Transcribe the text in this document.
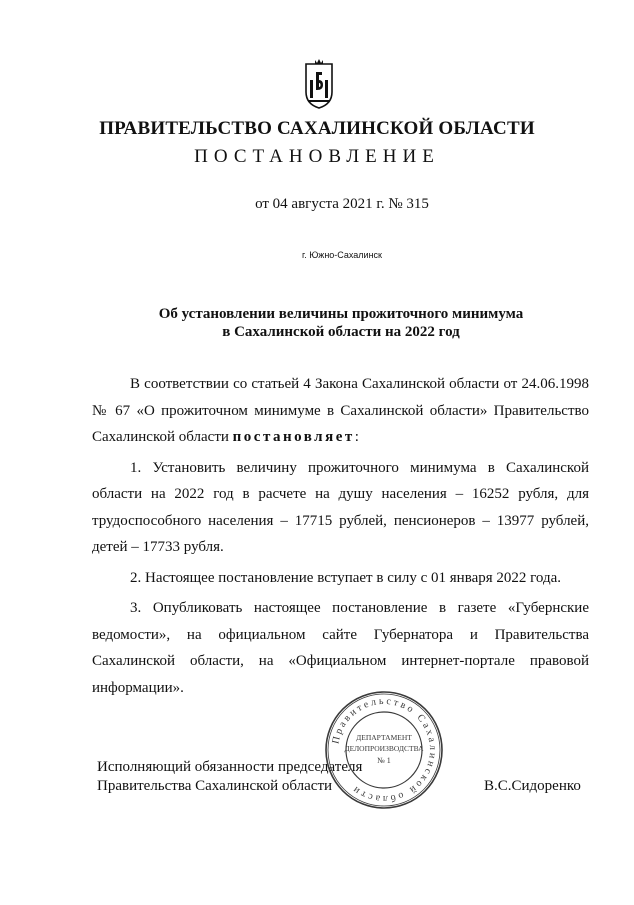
ПРАВИТЕЛЬСТВО САХАЛИНСКОЙ ОБЛАСТИ
ПОСТАНОВЛЕНИЕ
от 04 августа 2021 г. № 315
г. Южно-Сахалинск
Об установлении величины прожиточного минимума
в Сахалинской области на 2022 год

В соответствии со статьей 4 Закона Сахалинской области от 24.06.1998 № 67 «О прожиточном минимуме в Сахалинской области» Правительство Сахалинской области постановляет:

1. Установить величину прожиточного минимума в Сахалинской области на 2022 год в расчете на душу населения – 16252 рубля, для трудоспособного населения – 17715 рублей, пенсионеров – 13977 рублей, детей – 17733 рубля.

2. Настоящее постановление вступает в силу с 01 января 2022 года.

3. Опубликовать настоящее постановление в газете «Губернские ведомости», на официальном сайте Губернатора и Правительства Сахалинской области, на «Официальном интернет-портале правовой информации».

Исполняющий обязанности председателя
Правительства Сахалинской области	В.С.Сидоренко
Правительство Сахалинской области
ДЕПАРТАМЕНТ
ДЕЛОПРОИЗВОДСТВА
№ 1
